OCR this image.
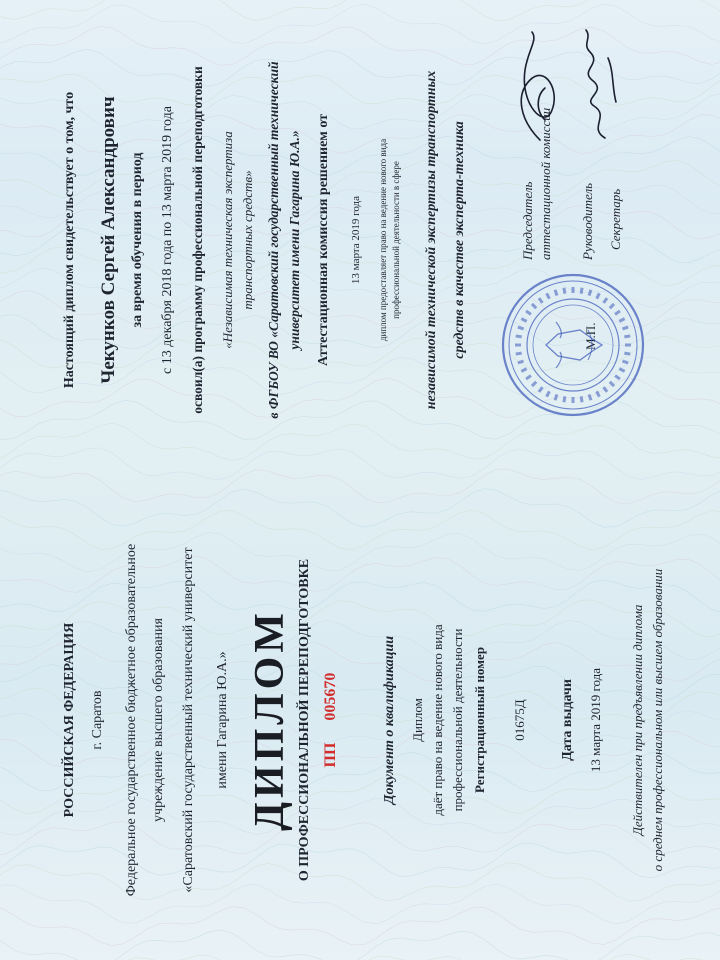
РОССИЙСКАЯ ФЕДЕРАЦИЯ г. Саратов Федеральное государственное бюджетное образовательное учреждение высшего образования «Саратовский государственный технический университет имени Гагарина Ю.А.» ДИПЛОМ О ПРОФЕССИОНАЛЬНОЙ ПЕРЕПОДГОТОВКЕ ПП  005670	Документ о квалификации Диплом даёт право на ведение нового вида профессиональной деятельности Регистрационный номер 01675Д Дата выдачи 13 марта 2019 года Действителен при предъявлении диплома о среднем профессиональном или высшем образовании
Настоящий диплом свидетельствует о том, что Чекунков Сергей Александрович за время обучения в период с 13 декабря 2018 года по 13 марта 2019 года освоил(а) программу профессиональной переподготовки «Независимая техническая экспертиза транспортных средств» в ФГБОУ ВО «Саратовский государственный технический университет имени Гагарина Ю.А.» Аттестационная комиссия решением от 13 марта 2019 года диплом предоставляет право на ведение нового вида профессиональной деятельности в сфере независимой технической экспертизы транспортных средств в качестве эксперта-техника	Председатель аттестационной комиссии Руководитель
М.П.
Секретарь
